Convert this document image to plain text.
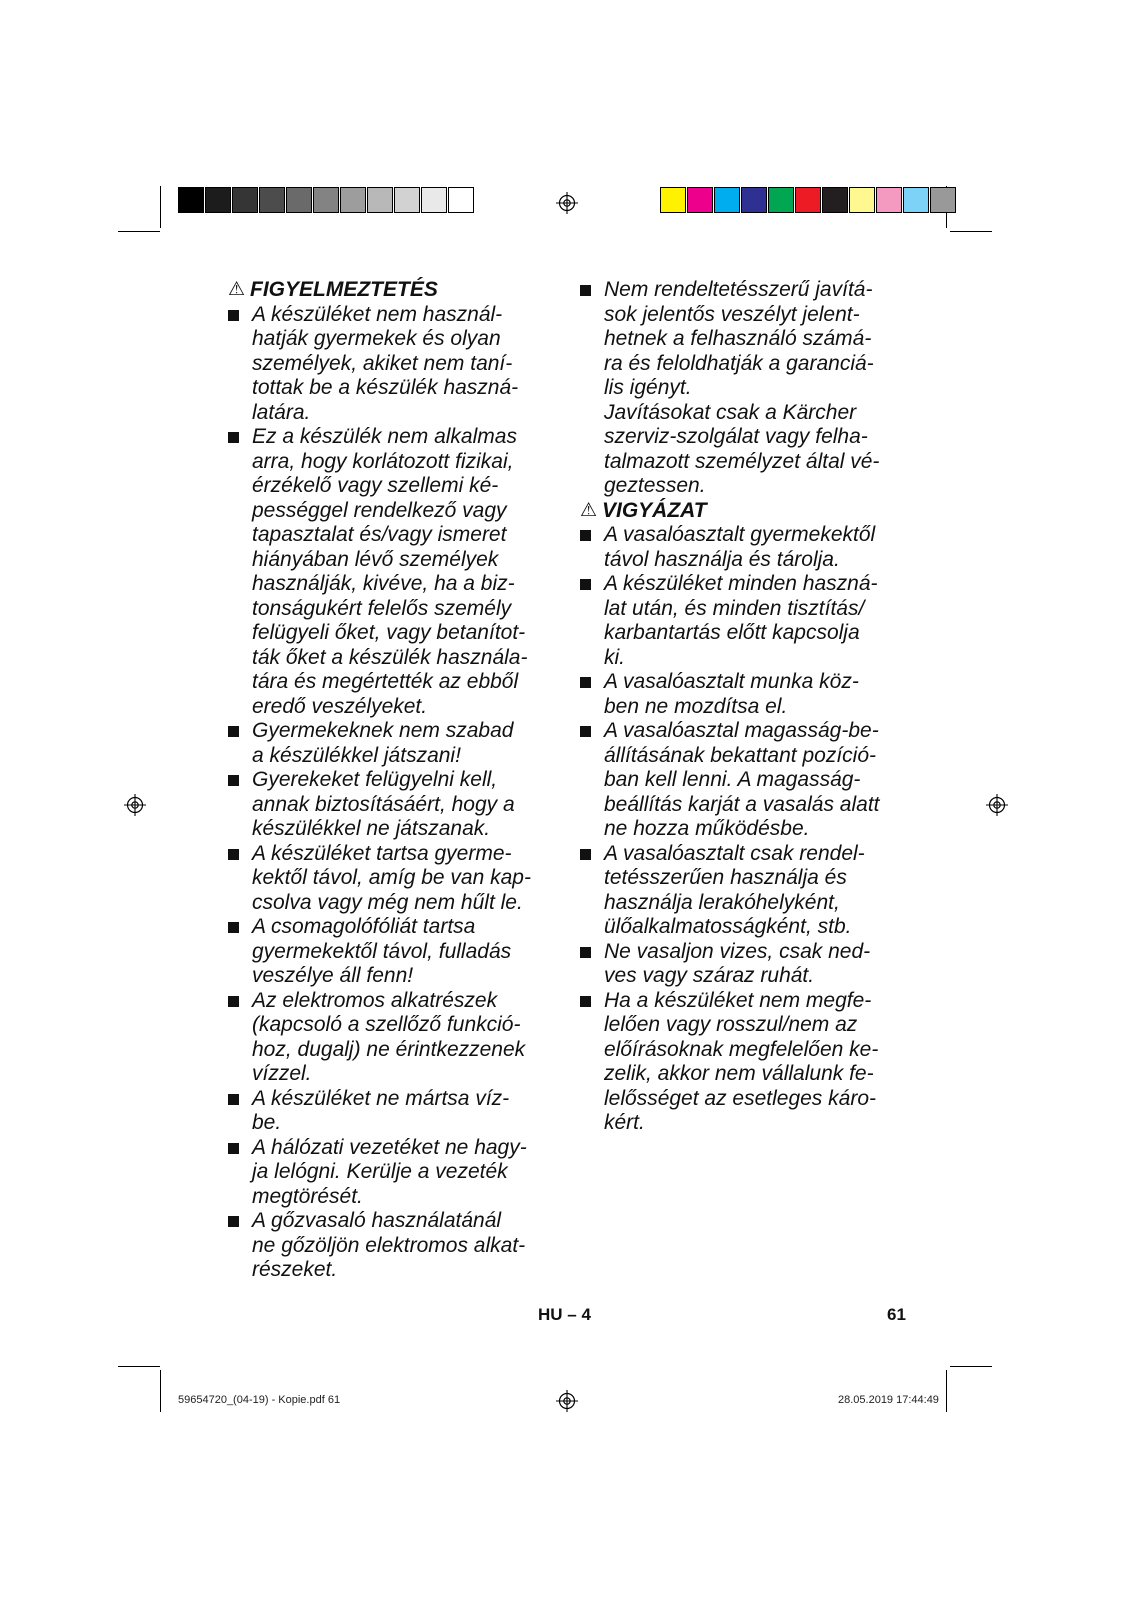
⚠ FIGYELMEZTETÉS
A készüléket nem használ-
hatják gyermekek és olyan
személyek, akiket nem taní-
tottak be a készülék haszná-
latára.
Ez a készülék nem alkalmas
arra, hogy korlátozott fizikai,
érzékelő vagy szellemi ké-
pességgel rendelkező vagy
tapasztalat és/vagy ismeret
hiányában lévő személyek
használják, kivéve, ha a biz-
tonságukért felelős személy
felügyeli őket, vagy betanítot-
ták őket a készülék használa-
tára és megértették az ebből
eredő veszélyeket.
Gyermekeknek nem szabad
a készülékkel játszani!
Gyerekeket felügyelni kell,
annak biztosításáért, hogy a
készülékkel ne játszanak.
A készüléket tartsa gyerme-
kektől távol, amíg be van kap-
csolva vagy még nem hűlt le.
A csomagolófóliát tartsa
gyermekektől távol, fulladás
veszélye áll fenn!
Az elektromos alkatrészek
(kapcsoló a szellőző funkció-
hoz, dugalj) ne érintkezzenek
vízzel.
A készüléket ne mártsa víz-
be.
A hálózati vezetéket ne hagy-
ja lelógni. Kerülje a vezeték
megtörését.
A gőzvasaló használatánál
ne gőzöljön elektromos alkat-
részeket.
Nem rendeltetésszerű javítá-
sok jelentős veszélyt jelent-
hetnek a felhasználó számá-
ra és feloldhatják a garanciá-
lis igényt.
Javításokat csak a Kärcher
szerviz-szolgálat vagy felha-
talmazott személyzet által vé-
geztessen.
⚠ VIGYÁZAT
A vasalóasztalt gyermekektől
távol használja és tárolja.
A készüléket minden haszná-
lat után, és minden tisztítás/
karbantartás előtt kapcsolja
ki.
A vasalóasztalt munka köz-
ben ne mozdítsa el.
A vasalóasztal magasság-be-
állításának bekattant pozíció-
ban kell lenni. A magasság-
beállítás karját a vasalás alatt
ne hozza működésbe.
A vasalóasztalt csak rendel-
tetésszerűen használja és
használja lerakóhelyként,
ülőalkalmatosságként, stb.
Ne vasaljon vizes, csak ned-
ves vagy száraz ruhát.
Ha a készüléket nem megfe-
lelően vagy rosszul/nem az
előírásoknak megfelelően ke-
zelik, akkor nem vállalunk fe-
lelősséget az esetleges káro-
kért.
HU – 4	61
59654720_(04-19) - Kopie.pdf 61	28.05.2019 17:44:49
